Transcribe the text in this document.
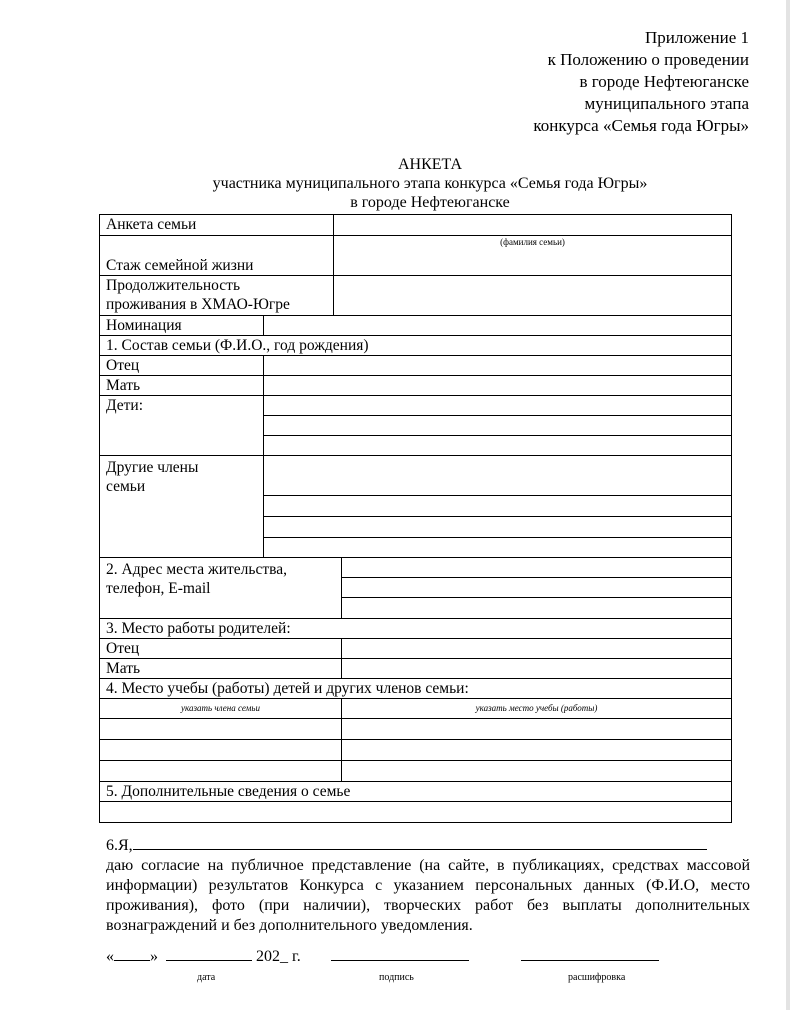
Приложение 1
к Положению о проведении
в городе Нефтеюганске
муниципального этапа
конкурса «Семья года Югры»
АНКЕТА
участника муниципального этапа конкурса «Семья года Югры»
в городе Нефтеюганске
Анкета семьи			
Стаж семейной жизни		(фамилия семьи)	

Продолжительность
проживания в ХМАО-Югре			

Номинация			
1. Состав семьи (Ф.И.О., год рождения)			
Отец			
Мать			
Дети:			

Другие члены
семьи			

2. Адрес места жительства,
телефон, E-mail			

3. Место работы родителей:			
Отец			
Мать			
4. Место учебы (работы) детей и других членов семьи:			
указать члена семьи			указать место учебы (работы)

5. Дополнительные сведения о семье			

6.Я,
даю согласие на публичное представление (на сайте, в публикациях, средствах массовой информации) результатов Конкурса с указанием персональных данных (Ф.И.О, место проживания), фото (при наличии), творческих работ без выплаты дополнительных вознаграждений и без дополнительного уведомления.
« »	202_ г.
дата	подпись	расшифровка
